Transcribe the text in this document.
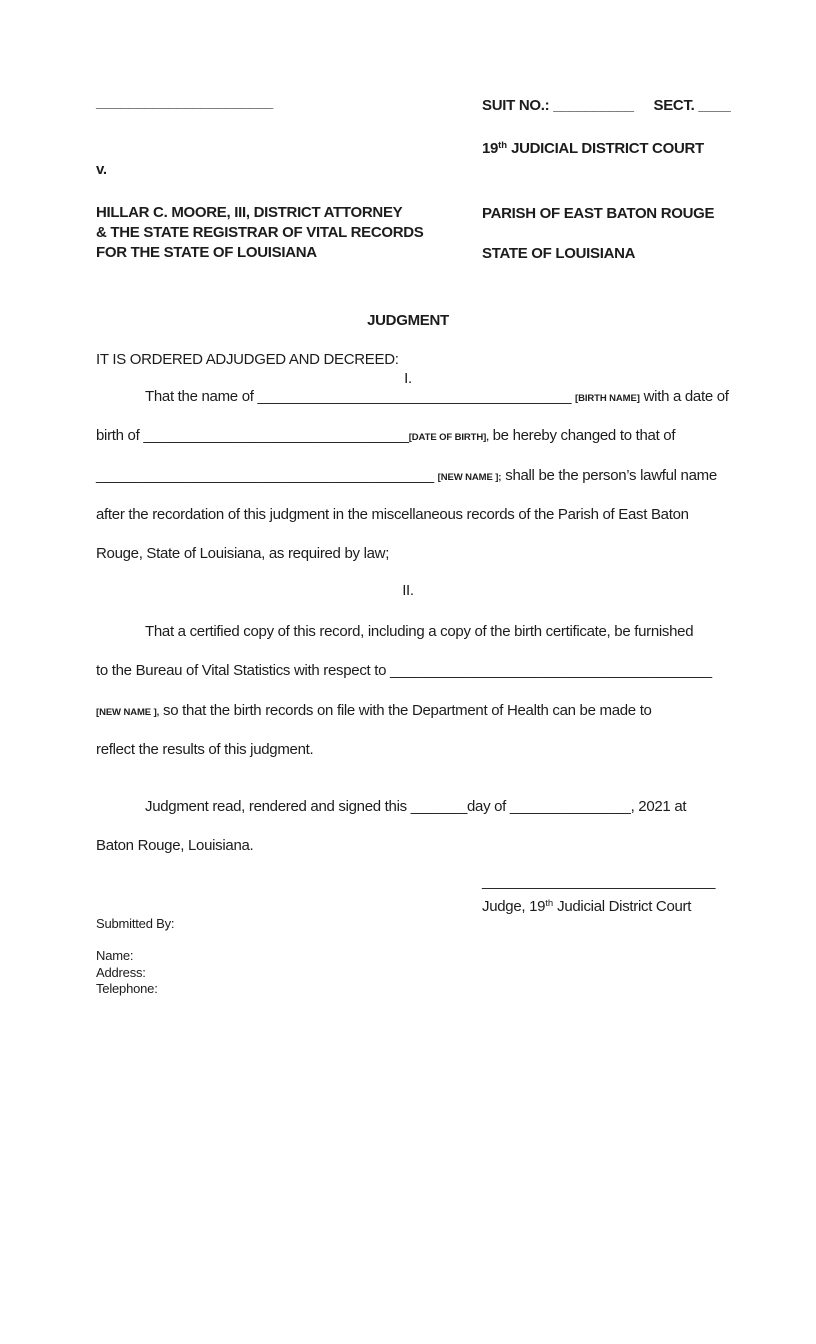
______________________
v.
HILLAR C. MOORE, III, DISTRICT ATTORNEY
& THE STATE REGISTRAR OF VITAL RECORDS
FOR THE STATE OF LOUISIANA
SUIT NO.: __________ SECT. ____
19th JUDICIAL DISTRICT COURT
PARISH OF EAST BATON ROUGE
STATE OF LOUISIANA
JUDGMENT
IT IS ORDERED ADJUDGED AND DECREED:
I.
That the name of _______________________________________ [BIRTH NAME] with a date of
birth of _________________________________[DATE OF BIRTH], be hereby changed to that of
__________________________________________ [NEW NAME ]; shall be the person’s lawful name
after the recordation of this judgment in the miscellaneous records of the Parish of East Baton
Rouge, State of Louisiana, as required by law;
II.
That a certified copy of this record, including a copy of the birth certificate, be furnished
to the Bureau of Vital Statistics with respect to ________________________________________
[NEW NAME ], so that the birth records on file with the Department of Health can be made to
reflect the results of this judgment.
Judgment read, rendered and signed this _______day of _______________, 2021 at
Baton Rouge, Louisiana.
_____________________________
Judge, 19th Judicial District Court
Submitted By:
Name:
Address:
Telephone:
